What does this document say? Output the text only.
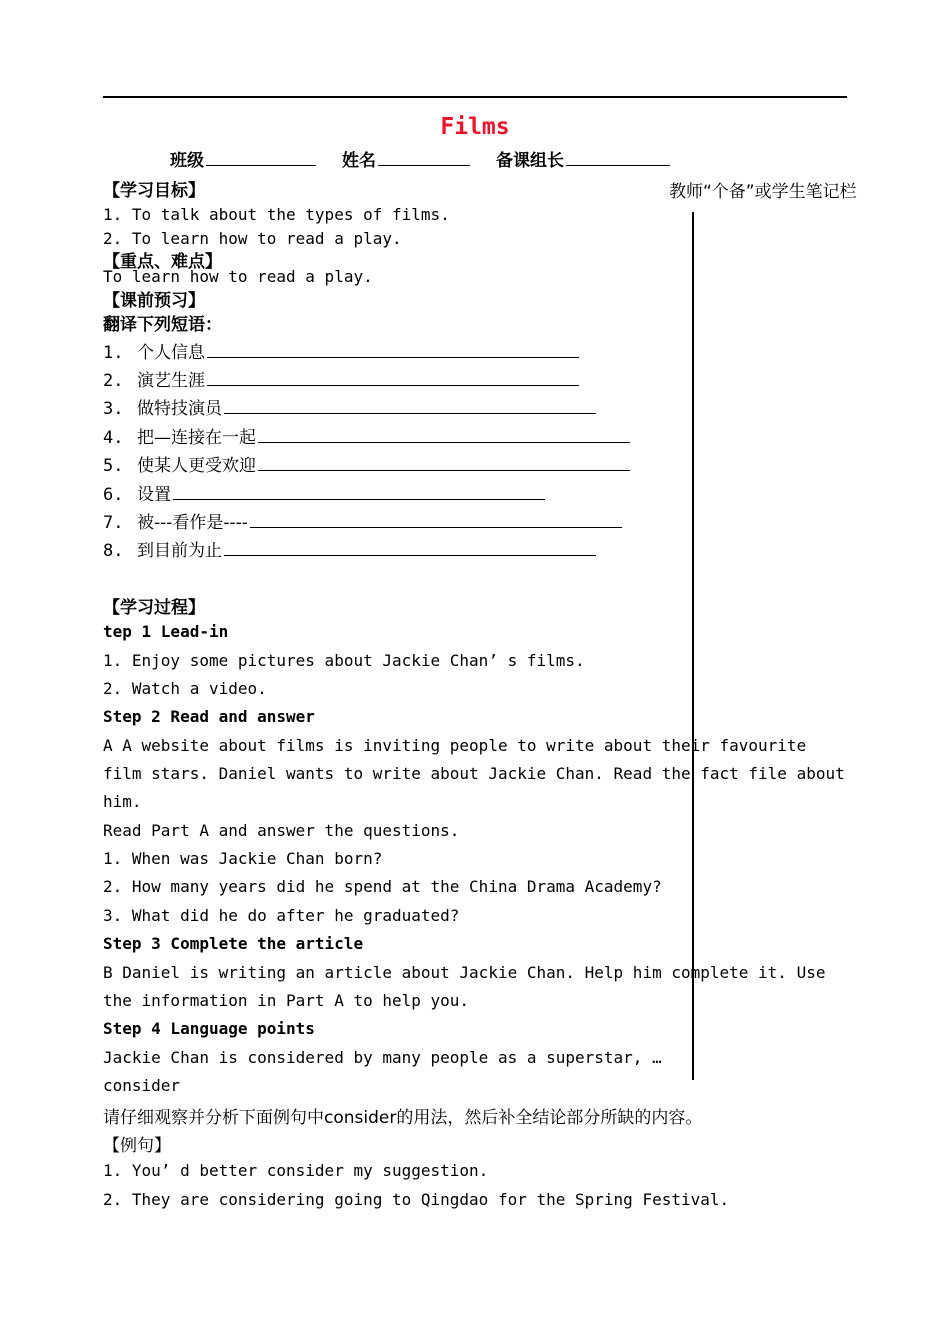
Films
班级	姓名	备课组长
教师“个备”或学生笔记栏
【学习目标】
1. To talk about the types of films.
2. To learn how to read a play.
【重点、难点】
To learn how to read a play.
【课前预习】
翻译下列短语：
1. 个人信息
2. 演艺生涯
3. 做特技演员
4. 把—连接在一起
5. 使某人更受欢迎
6. 设置
7. 被---看作是----
8. 到目前为止
【学习过程】
tep 1 Lead-in
1. Enjoy some pictures about Jackie Chan’ s films.
2. Watch a video.
Step 2 Read and answer
A A website about films is inviting people to write about their favourite
film stars. Daniel wants to write about Jackie Chan. Read the fact file about
him.
Read Part A and answer the questions.
1. When was Jackie Chan born?
2. How many years did he spend at the China Drama Academy?
3. What did he do after he graduated?
Step 3 Complete the article
B Daniel is writing an article about Jackie Chan. Help him complete it. Use
the information in Part A to help you.
Step 4 Language points
Jackie Chan is considered by many people as a superstar, …
consider
请仔细观察并分析下面例句中consider的用法，然后补全结论部分所缺的内容。
【例句】
1. You’ d better consider my suggestion.
2. They are considering going to Qingdao for the Spring Festival.
